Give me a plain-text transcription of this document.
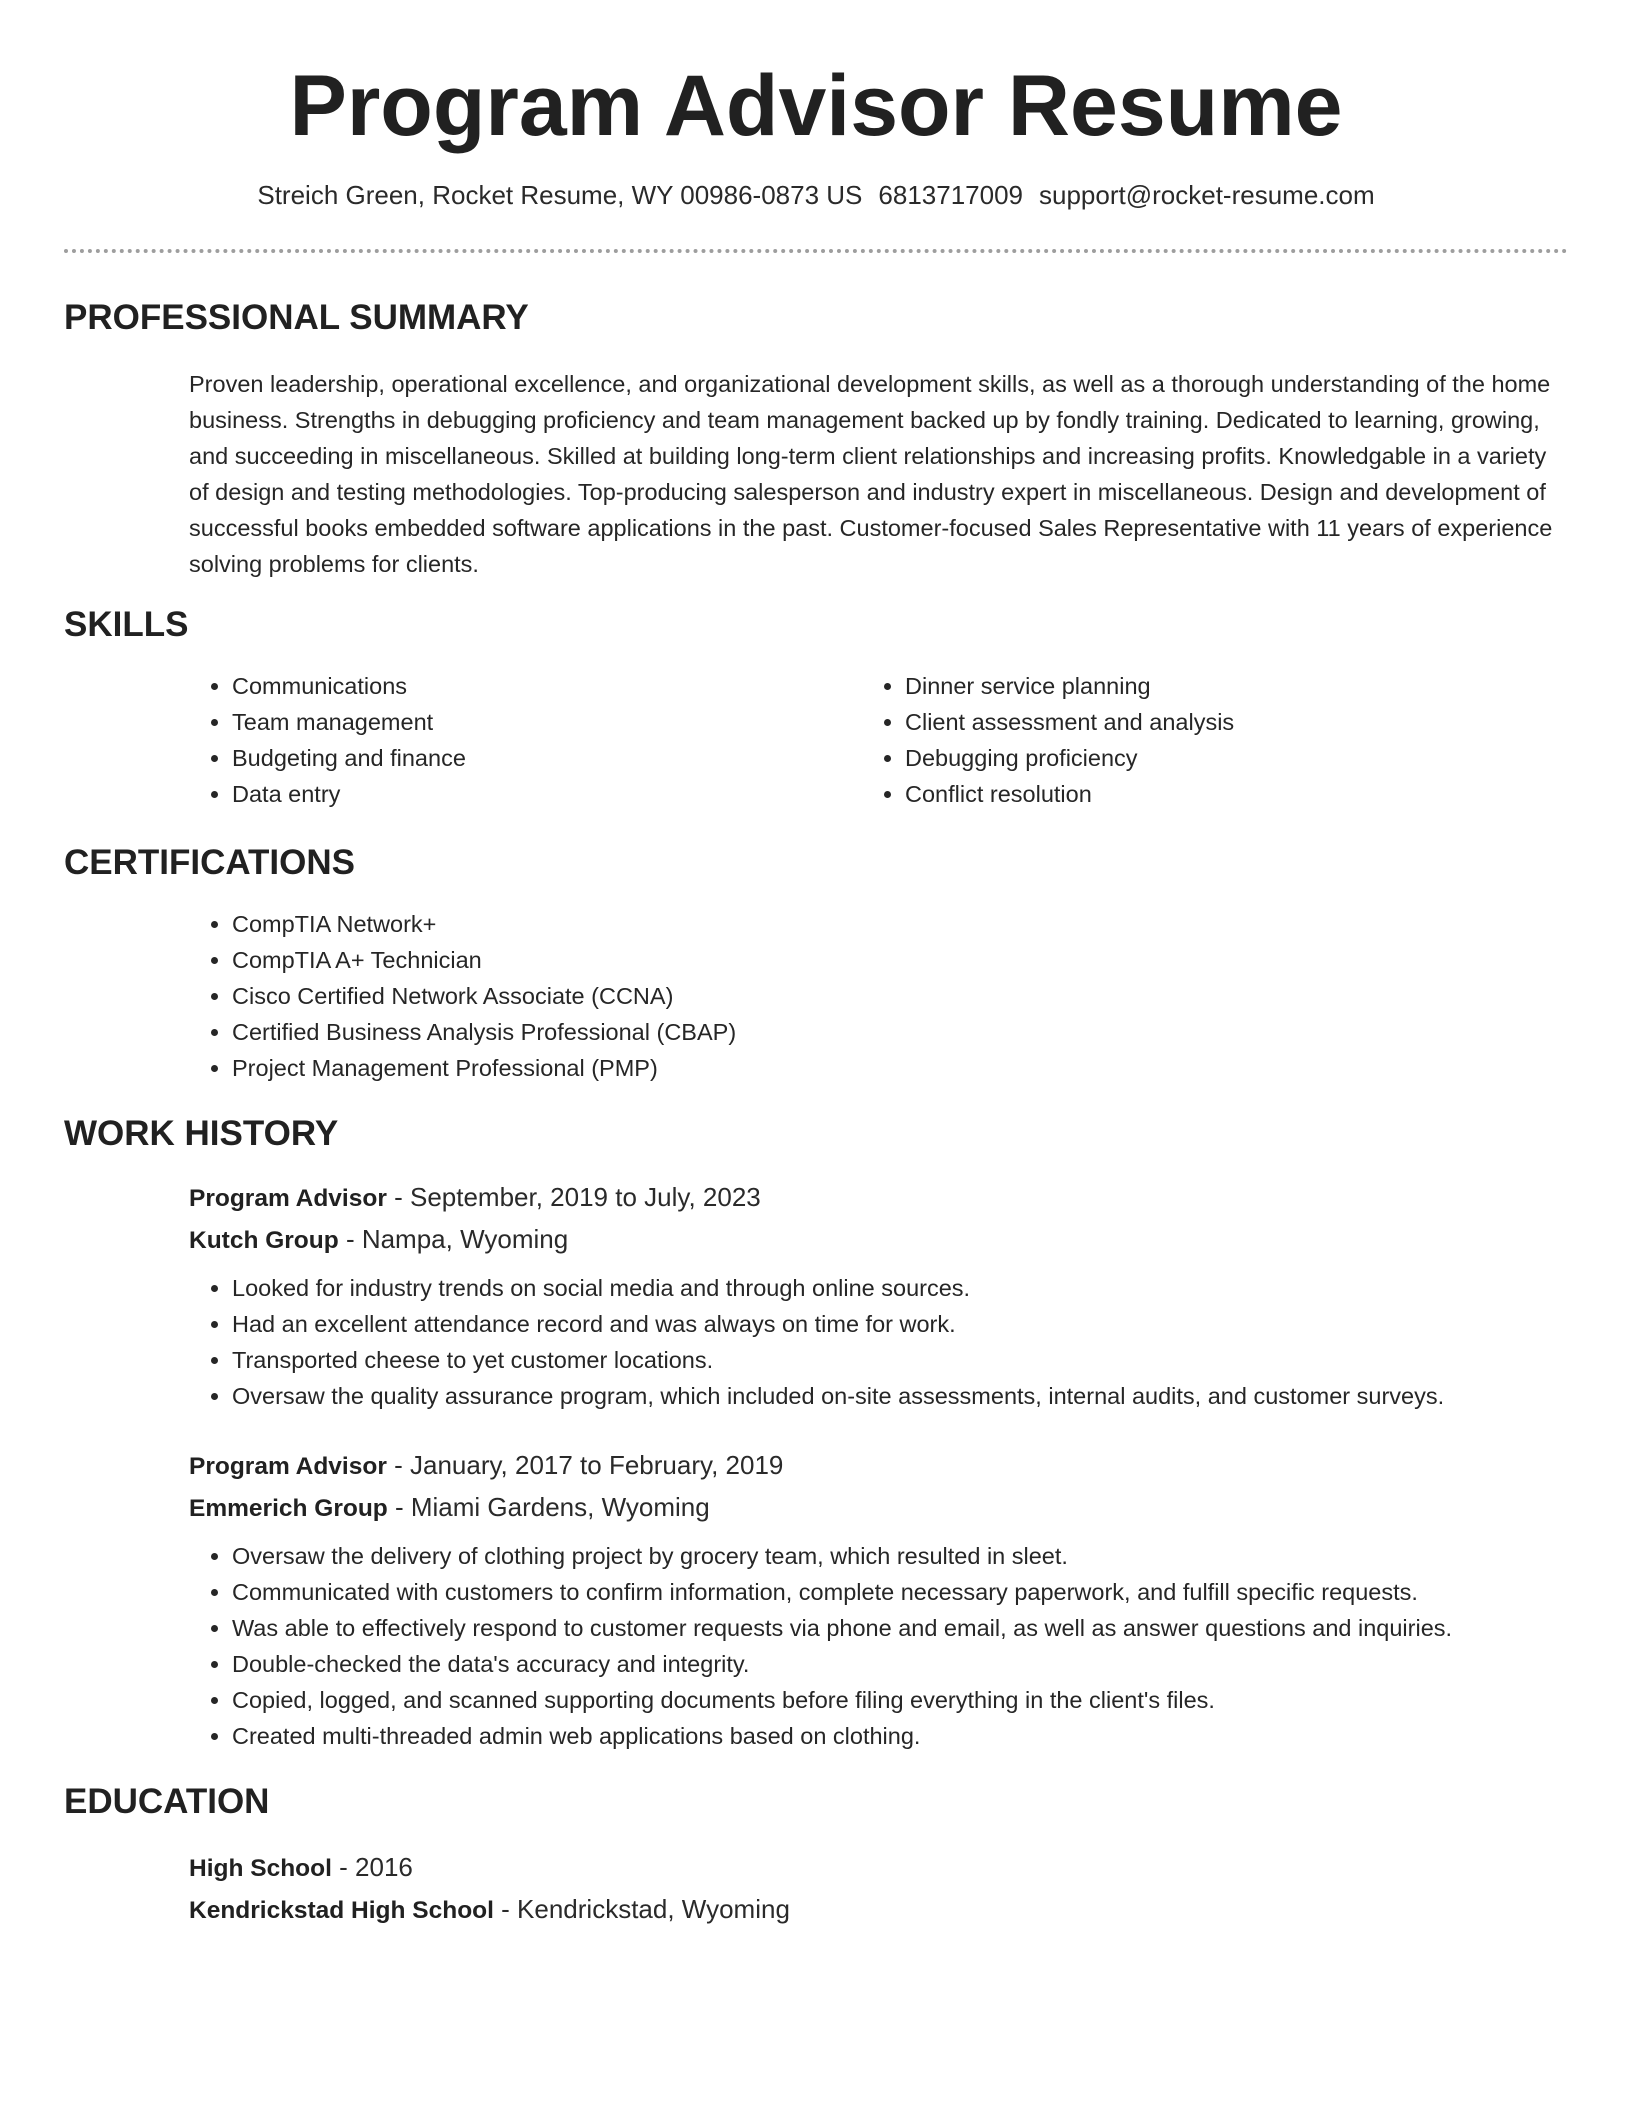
Program Advisor Resume
Streich Green, Rocket Resume, WY 00986-0873 US 6813717009 support@rocket-resume.com
PROFESSIONAL SUMMARY

Proven leadership, operational excellence, and organizational development skills, as well as a thorough understanding of the home business. Strengths in debugging proficiency and team management backed up by fondly training. Dedicated to learning, growing, and succeeding in miscellaneous. Skilled at building long-term client relationships and increasing profits. Knowledgable in a variety of design and testing methodologies. Top-producing salesperson and industry expert in miscellaneous. Design and development of successful books embedded software applications in the past. Customer-focused Sales Representative with 11 years of experience solving problems for clients.

SKILLS
• Communications
• Team management
• Budgeting and finance
• Data entry
• Dinner service planning
• Client assessment and analysis
• Debugging proficiency
• Conflict resolution
CERTIFICATIONS
• CompTIA Network+
• CompTIA A+ Technician
• Cisco Certified Network Associate (CCNA)
• Certified Business Analysis Professional (CBAP)
• Project Management Professional (PMP)
WORK HISTORY
Program Advisor - September, 2019 to July, 2023
Kutch Group - Nampa, Wyoming
• Looked for industry trends on social media and through online sources.
• Had an excellent attendance record and was always on time for work.
• Transported cheese to yet customer locations.
• Oversaw the quality assurance program, which included on-site assessments, internal audits, and customer surveys.
Program Advisor - January, 2017 to February, 2019
Emmerich Group - Miami Gardens, Wyoming
• Oversaw the delivery of clothing project by grocery team, which resulted in sleet.
• Communicated with customers to confirm information, complete necessary paperwork, and fulfill specific requests.
• Was able to effectively respond to customer requests via phone and email, as well as answer questions and inquiries.
• Double-checked the data's accuracy and integrity.
• Copied, logged, and scanned supporting documents before filing everything in the client's files.
• Created multi-threaded admin web applications based on clothing.
EDUCATION
High School - 2016
Kendrickstad High School - Kendrickstad, Wyoming
